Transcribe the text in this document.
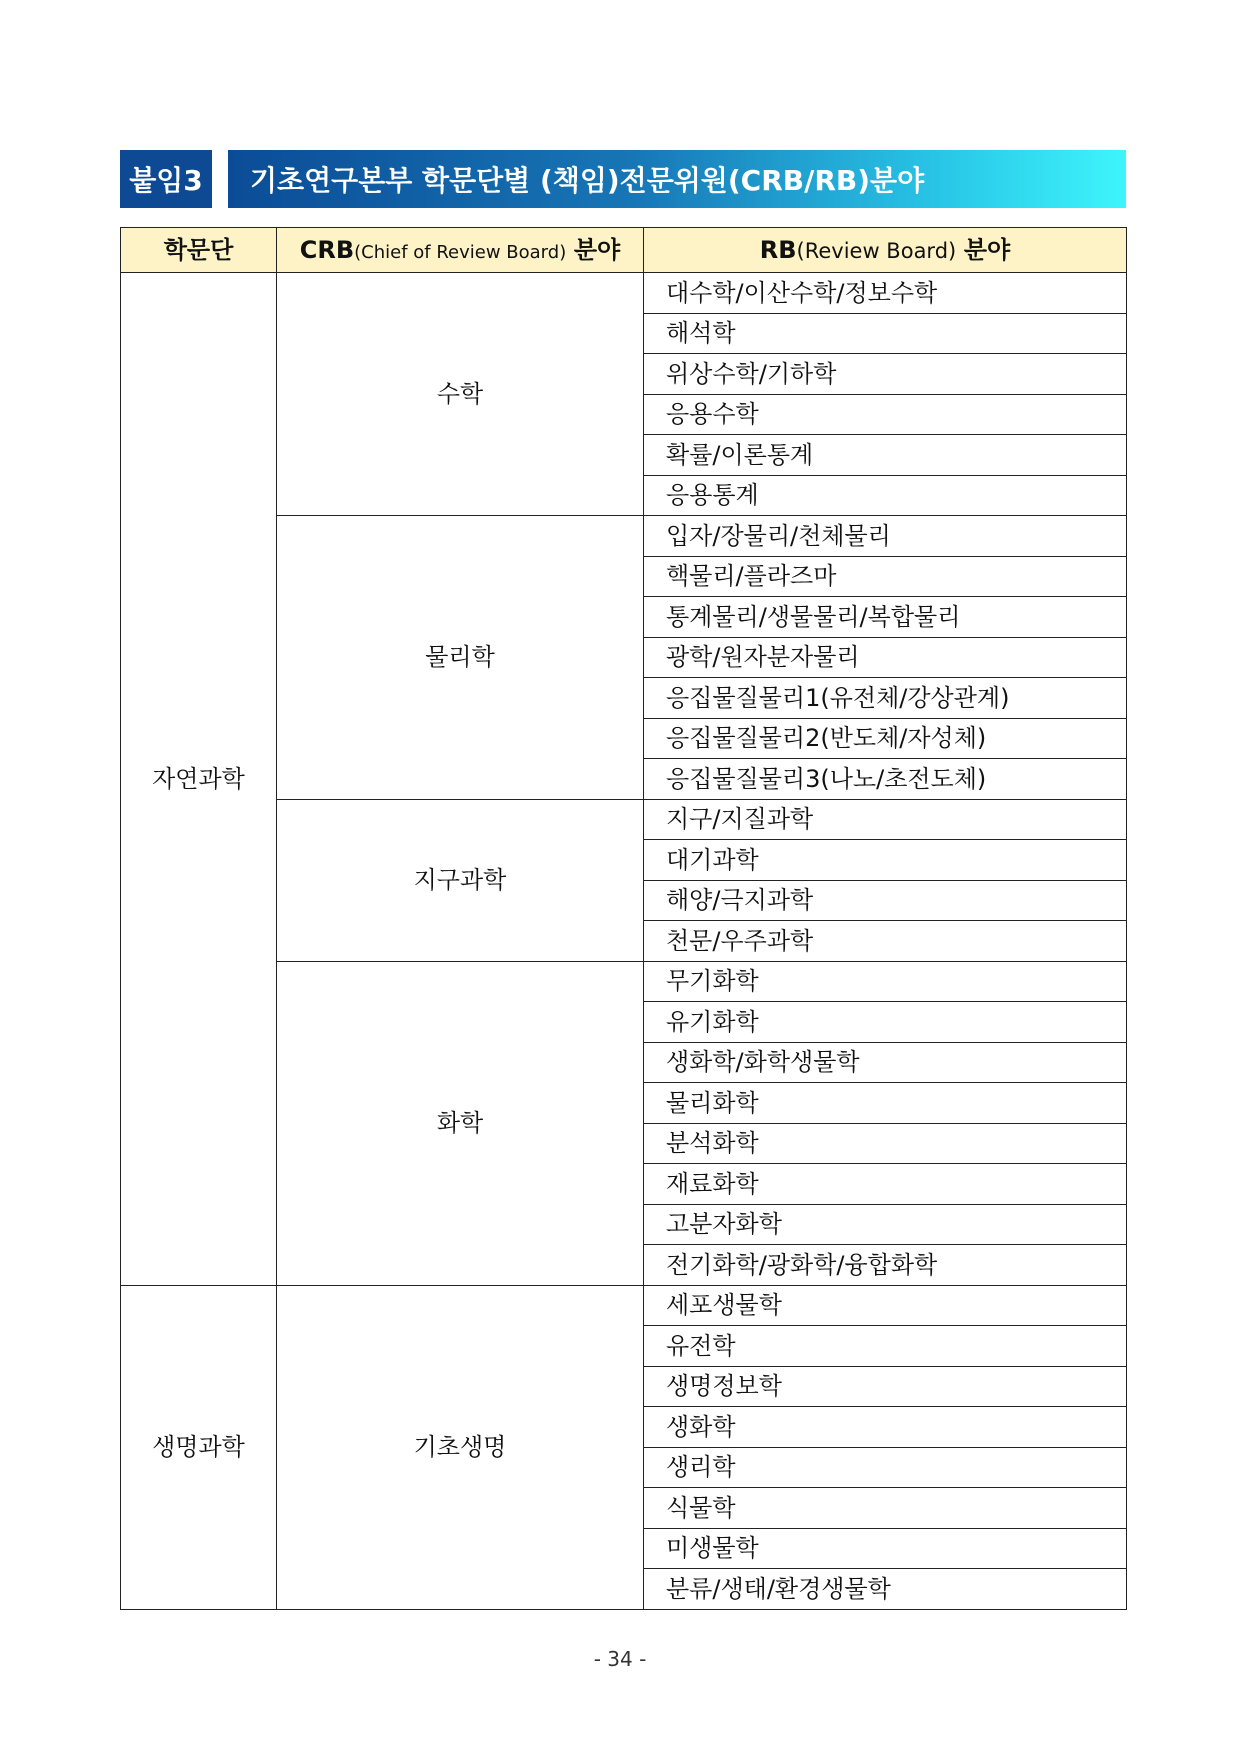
붙임3	기초연구본부 학문단별 (책임)전문위원(CRB/RB)분야
학문단	CRB(Chief of Review Board) 분야	RB(Review Board) 분야
자연과학	수학	대수학/이산수학/정보수학
		해석학
		위상수학/기하학
		응용수학
		확률/이론통계
		응용통계
	물리학	입자/장물리/천체물리
		핵물리/플라즈마
		통계물리/생물물리/복합물리
		광학/원자분자물리
		응집물질물리1(유전체/강상관계)
		응집물질물리2(반도체/자성체)
		응집물질물리3(나노/초전도체)
	지구과학	지구/지질과학
		대기과학
		해양/극지과학
		천문/우주과학
	화학	무기화학
		유기화학
		생화학/화학생물학
		물리화학
		분석화학
		재료화학
		고분자화학
		전기화학/광화학/융합화학
생명과학	기초생명	세포생물학
		유전학
		생명정보학
		생화학
		생리학
		식물학
		미생물학
		분류/생태/환경생물학
- 34 -
